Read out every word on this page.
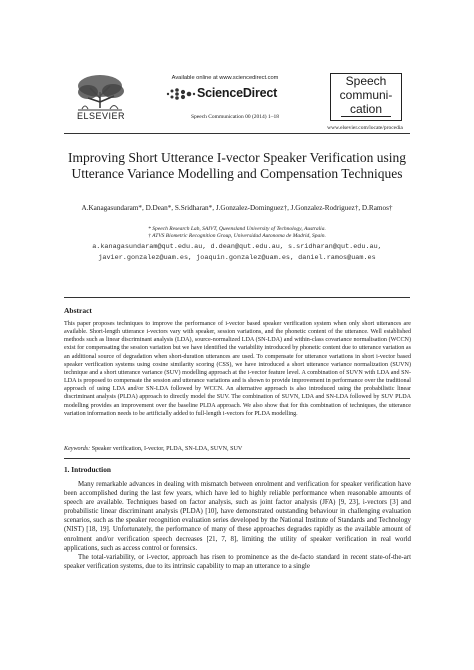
ELSEVIER
Available online at www.sciencedirect.com
ScienceDirect
Speech Communication 00 (2014) 1–18
Speech
communi-
cation
www.elsevier.com/locate/procedia
Improving Short Utterance I-vector Speaker Verification using Utterance Variance Modelling and Compensation Techniques
A.Kanagasundaram*, D.Dean*, S.Sridharan*, J.Gonzalez-Dominguez†, J.Gonzalez-Rodriguez†, D.Ramos†
* Speech Research Lab, SAIVT, Queensland University of Technology, Australia.
† ATVS Biometric Recognition Group, Universidad Autonoma de Madrid, Spain.
a.kanagasundaram@qut.edu.au, d.dean@qut.edu.au, s.sridharan@qut.edu.au,
javier.gonzalez@uam.es, joaquin.gonzalez@uam.es, daniel.ramos@uam.es
Abstract
This paper proposes techniques to improve the performance of i-vector based speaker verification system when only short utterances are available. Short-length utterance i-vectors vary with speaker, session variations, and the phonetic content of the utterance. Well established methods such as linear discriminant analysis (LDA), source-normalized LDA (SN-LDA) and within-class covariance normalisation (WCCN) exist for compensating the session variation but we have identified the variability introduced by phonetic content due to utterance variation as an additional source of degradation when short-duration utterances are used. To compensate for utterance variations in short i-vector based speaker verification systems using cosine similarity scoring (CSS), we have introduced a short utterance variance normalization (SUVN) technique and a short utterance variance (SUV) modelling approach at the i-vector feature level. A combination of SUVN with LDA and SN-LDA is proposed to compensate the session and utterance variations and is shown to provide improvement in performance over the traditional approach of using LDA and/or SN-LDA followed by WCCN. An alternative approach is also introduced using the probabilistic linear discriminant analysis (PLDA) approach to directly model the SUV. The combination of SUVN, LDA and SN-LDA followed by SUV PLDA modelling provides an improvement over the baseline PLDA approach. We also show that for this combination of techniques, the utterance variation information needs to be artificially added to full-length i-vectors for PLDA modelling.
Keywords: Speaker verification, I-vector, PLDA, SN-LDA, SUVN, SUV
1. Introduction

Many remarkable advances in dealing with mismatch between enrolment and verification for speaker verification have been accomplished during the last few years, which have led to highly reliable performance when reasonable amounts of speech are available. Techniques based on factor analysis, such as joint factor analysis (JFA) [9, 23], i-vectors [3] and probabilistic linear discriminant analysis (PLDA) [10], have demonstrated outstanding behaviour in challenging evaluation scenarios, such as the speaker recognition evaluation series developed by the National Institute of Standards and Technology (NIST) [18, 19]. Unfortunately, the performance of many of these approaches degrades rapidly as the available amount of enrolment and/or verification speech decreases [21, 7, 8], limiting the utility of speaker verification in real world applications, such as access control or forensics.

The total-variability, or i-vector, approach has risen to prominence as the de-facto standard in recent state-of-the-art speaker verification systems, due to its intrinsic capability to map an utterance to a single
